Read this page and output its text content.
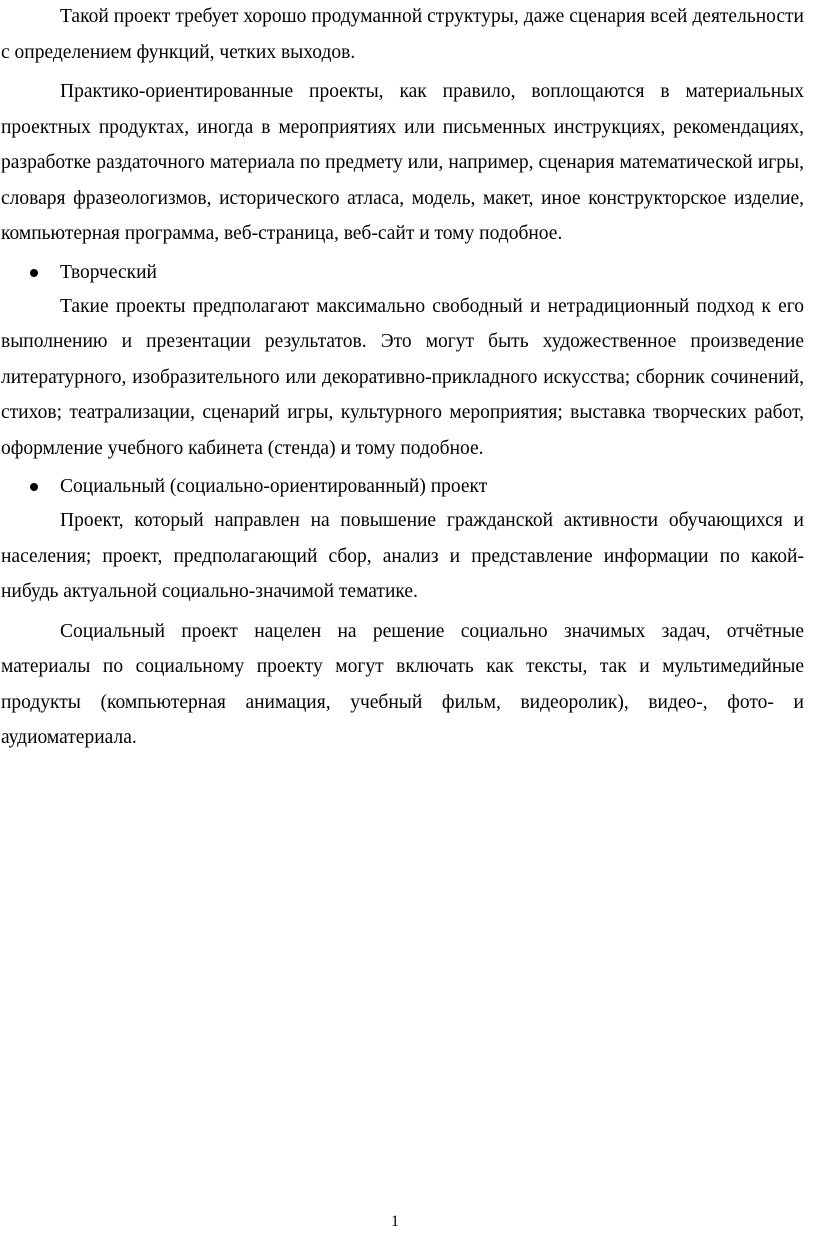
Такой проект требует хорошо продуманной структуры, даже сценария всей деятельности с определением функций, четких выходов.

Практико-ориентированные проекты, как правило, воплощаются в материальных проектных продуктах, иногда в мероприятиях или письменных инструкциях, рекомендациях, разработке раздаточного материала по предмету или, например, сценария математической игры, словаря фразеологизмов, исторического атласа, модель, макет, иное конструкторское изделие, компьютерная программа, веб-страница, веб-сайт и тому подобное.

Творческий

Такие проекты предполагают максимально свободный и нетрадиционный подход к его выполнению и презентации результатов. Это могут быть художественное произведение литературного, изобразительного или декоративно-прикладного искусства; сборник сочинений, стихов; театрализации, сценарий игры, культурного мероприятия; выставка творческих работ, оформление учебного кабинета (стенда) и тому подобное.

Социальный (социально-ориентированный) проект

Проект, который направлен на повышение гражданской активности обучающихся и населения; проект, предполагающий сбор, анализ и представление информации по какой-нибудь актуальной социально-значимой тематике.

Социальный проект нацелен на решение социально значимых задач, отчётные материалы по социальному проекту могут включать как тексты, так и мультимедийные продукты (компьютерная анимация, учебный фильм, видеоролик), видео-, фото- и аудиоматериала.

1
